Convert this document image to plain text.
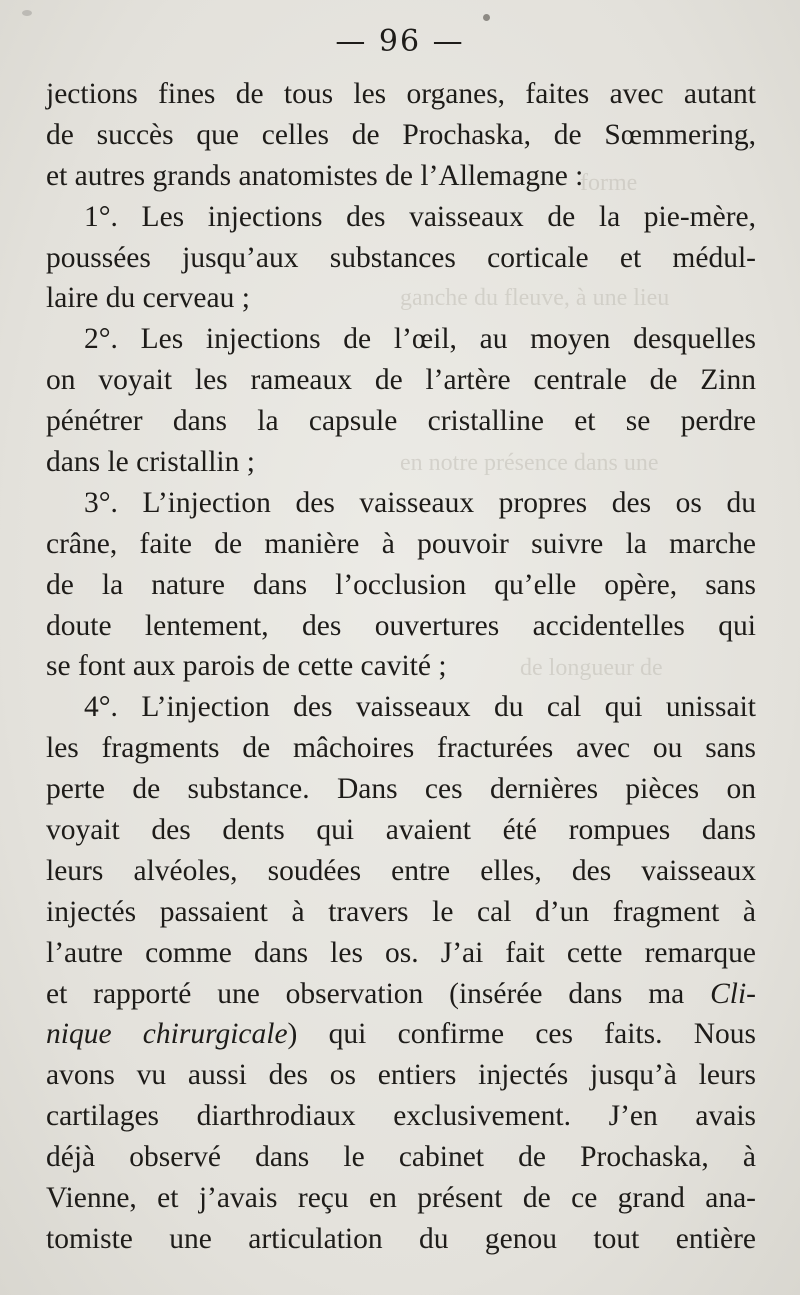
forme
ganche du fleuve, à une lieu
en notre présence dans une
de longueur de
— 96 —
jections fines de tous les organes, faites avec autant
de succès que celles de Prochaska, de Sœmmering,
et autres grands anatomistes de l’Allemagne :
1°. Les injections des vaisseaux de la pie-mère,
poussées jusqu’aux substances corticale et médul-
laire du cerveau ;
2°. Les injections de l’œil, au moyen desquelles
on voyait les rameaux de l’artère centrale de Zinn
pénétrer dans la capsule cristalline et se perdre
dans le cristallin ;
3°. L’injection des vaisseaux propres des os du
crâne, faite de manière à pouvoir suivre la marche
de la nature dans l’occlusion qu’elle opère, sans
doute lentement, des ouvertures accidentelles qui
se font aux parois de cette cavité ;
4°. L’injection des vaisseaux du cal qui unissait
les fragments de mâchoires fracturées avec ou sans
perte de substance. Dans ces dernières pièces on
voyait des dents qui avaient été rompues dans
leurs alvéoles, soudées entre elles, des vaisseaux
injectés passaient à travers le cal d’un fragment à
l’autre comme dans les os. J’ai fait cette remarque
et rapporté une observation (insérée dans ma Cli-
nique chirurgicale) qui confirme ces faits. Nous
avons vu aussi des os entiers injectés jusqu’à leurs
cartilages diarthrodiaux exclusivement. J’en avais
déjà observé dans le cabinet de Prochaska, à
Vienne, et j’avais reçu en présent de ce grand ana-
tomiste une articulation du genou tout entière
